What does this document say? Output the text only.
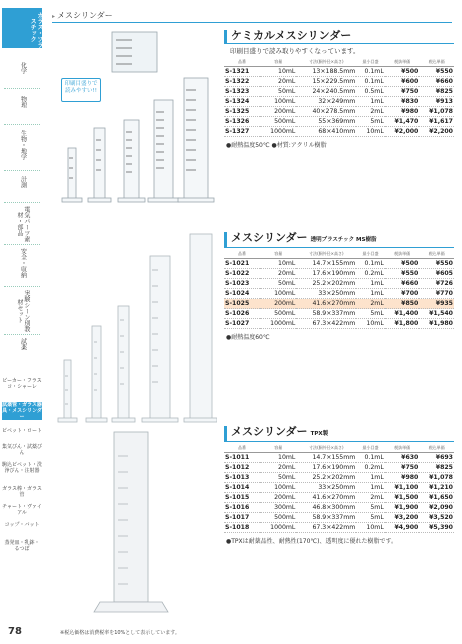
ガラス・プラスチック
化学
物理
生物・地学
計測
電気パーツ素材・部品
安全・収納
実験シーン別教材セット
試薬
ビーカー・フラスコ・シャーレ
試薬管・ガラス器具・メスシリンダー
ピペット・ロート
集気びん・試薬びん
駒込ピペット・洗浄びん・注射器
ガラス棒・ガラス管
チャート・ヴァイアル
コップ・バット
蒸発皿・乳鉢・るつぼ
▸ メスシリンダー
印刷目盛りで
読みやすい!!
ケミカルメスシリンダー
印刷目盛りで読み取りやすくなっています。
品番	容量	寸法(胴外径×高さ)	最小目盛	税抜単価	税込単価
S-1321	10mL	13×188.5mm	0.1mL	¥500	¥550
S-1322	20mL	15×229.5mm	0.1mL	¥600	¥660
S-1323	50mL	24×240.5mm	0.5mL	¥750	¥825
S-1324	100mL	32×249mm	1mL	¥830	¥913
S-1325	200mL	40×278.5mm	2mL	¥980	¥1,078
S-1326	500mL	55×369mm	5mL	¥1,470	¥1,617
S-1327	1000mL	68×410mm	10mL	¥2,000	¥2,200
●耐熱温度50℃ ●材質:アクリル樹脂
メスシリンダー 透明プラスチック MS樹脂
品番	容量	寸法(胴外径×高さ)	最小目盛	税抜単価	税込単価
S-1021	10mL	14.7×155mm	0.1mL	¥500	¥550
S-1022	20mL	17.6×190mm	0.2mL	¥550	¥605
S-1023	50mL	25.2×202mm	1mL	¥660	¥726
S-1024	100mL	33×250mm	1mL	¥700	¥770
S-1025	200mL	41.6×270mm	2mL	¥850	¥935
S-1026	500mL	58.9×337mm	5mL	¥1,400	¥1,540
S-1027	1000mL	67.3×422mm	10mL	¥1,800	¥1,980
●耐熱温度60℃
メスシリンダー TPX製
品番	容量	寸法(胴外径×高さ)	最小目盛	税抜単価	税込単価
S-1011	10mL	14.7×155mm	0.1mL	¥630	¥693
S-1012	20mL	17.6×190mm	0.2mL	¥750	¥825
S-1013	50mL	25.2×202mm	1mL	¥980	¥1,078
S-1014	100mL	33×250mm	1mL	¥1,100	¥1,210
S-1015	200mL	41.6×270mm	2mL	¥1,500	¥1,650
S-1016	300mL	46.8×300mm	5mL	¥1,900	¥2,090
S-1017	500mL	58.9×337mm	5mL	¥3,200	¥3,520
S-1018	1000mL	67.3×422mm	10mL	¥4,900	¥5,390
●TPXは耐薬品性、耐熱性(170℃)、透明度に優れた樹脂です。
78	※税込価格は消費税率を10%として表示しています。
